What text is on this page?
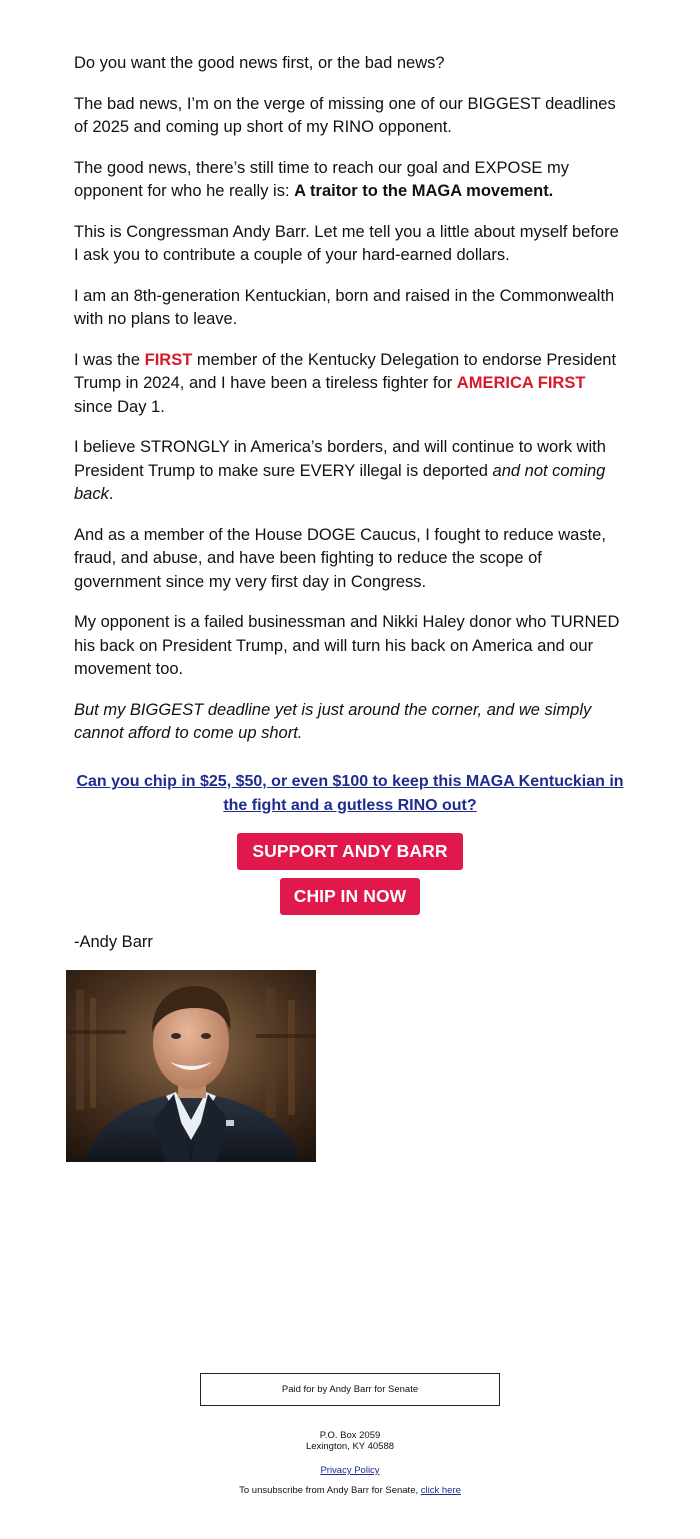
Do you want the good news first, or the bad news?

The bad news, I’m on the verge of missing one of our BIGGEST deadlines of 2025 and coming up short of my RINO opponent.

The good news, there’s still time to reach our goal and EXPOSE my opponent for who he really is: A traitor to the MAGA movement.

This is Congressman Andy Barr. Let me tell you a little about myself before I ask you to contribute a couple of your hard-earned dollars.

I am an 8th-generation Kentuckian, born and raised in the Commonwealth with no plans to leave.

I was the FIRST member of the Kentucky Delegation to endorse President Trump in 2024, and I have been a tireless fighter for AMERICA FIRST since Day 1.

I believe STRONGLY in America’s borders, and will continue to work with President Trump to make sure EVERY illegal is deported and not coming back.

And as a member of the House DOGE Caucus, I fought to reduce waste, fraud, and abuse, and have been fighting to reduce the scope of government since my very first day in Congress.

My opponent is a failed businessman and Nikki Haley donor who TURNED his back on President Trump, and will turn his back on America and our movement too.

But my BIGGEST deadline yet is just around the corner, and we simply cannot afford to come up short.

Can you chip in $25, $50, or even $100 to keep this MAGA Kentuckian in the fight and a gutless RINO out?
SUPPORT ANDY BARR
CHIP IN NOW
-Andy Barr
Paid for by Andy Barr for Senate
P.O. Box 2059
Lexington, KY 40588
Privacy Policy
To unsubscribe from Andy Barr for Senate, click here
